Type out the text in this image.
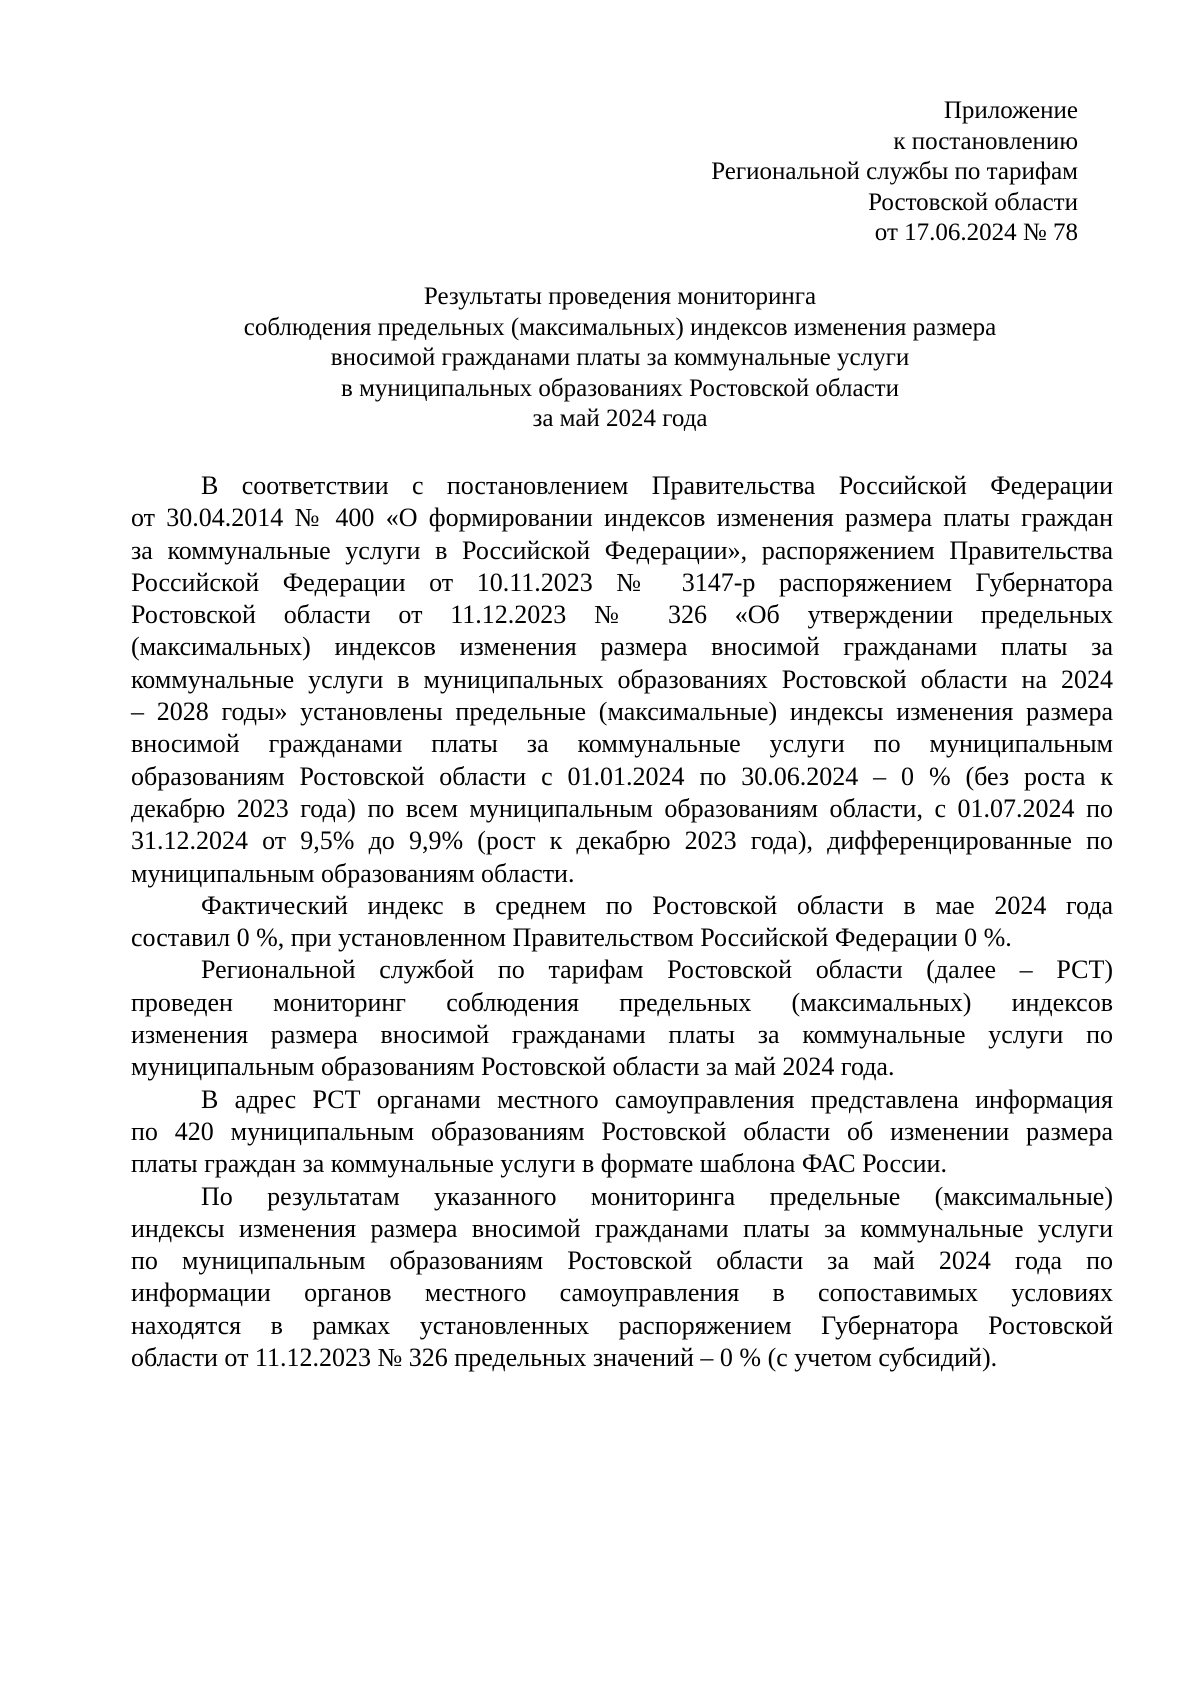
Приложение
к постановлению
Региональной службы по тарифам
Ростовской области
от 17.06.2024 № 78
Результаты проведения мониторинга
соблюдения предельных (максимальных) индексов изменения размера
вносимой гражданами платы за коммунальные услуги
в муниципальных образованиях Ростовской области
за май 2024 года
В соответствии с постановлением Правительства Российской Федерации
от 30.04.2014 № 400 «О формировании индексов изменения размера платы граждан
за коммунальные услуги в Российской Федерации», распоряжением Правительства
Российской Федерации от 10.11.2023 № 3147-р распоряжением Губернатора
Ростовской области от 11.12.2023 № 326 «Об утверждении предельных
(максимальных) индексов изменения размера вносимой гражданами платы за
коммунальные услуги в муниципальных образованиях Ростовской области на 2024
– 2028 годы» установлены предельные (максимальные) индексы изменения размера
вносимой гражданами платы за коммунальные услуги по муниципальным
образованиям Ростовской области с 01.01.2024 по 30.06.2024 – 0 % (без роста к
декабрю 2023 года) по всем муниципальным образованиям области, с 01.07.2024 по
31.12.2024 от 9,5% до 9,9% (рост к декабрю 2023 года), дифференцированные по
муниципальным образованиям области.
Фактический индекс в среднем по Ростовской области в мае 2024 года
составил 0 %, при установленном Правительством Российской Федерации 0 %.
Региональной службой по тарифам Ростовской области (далее – РСТ)
проведен мониторинг соблюдения предельных (максимальных) индексов
изменения размера вносимой гражданами платы за коммунальные услуги по
муниципальным образованиям Ростовской области за май 2024 года.
В адрес РСТ органами местного самоуправления представлена информация
по 420 муниципальным образованиям Ростовской области об изменении размера
платы граждан за коммунальные услуги в формате шаблона ФАС России.
По результатам указанного мониторинга предельные (максимальные)
индексы изменения размера вносимой гражданами платы за коммунальные услуги
по муниципальным образованиям Ростовской области за май 2024 года по
информации органов местного самоуправления в сопоставимых условиях
находятся в рамках установленных распоряжением Губернатора Ростовской
области от 11.12.2023 № 326 предельных значений – 0 % (с учетом субсидий).
